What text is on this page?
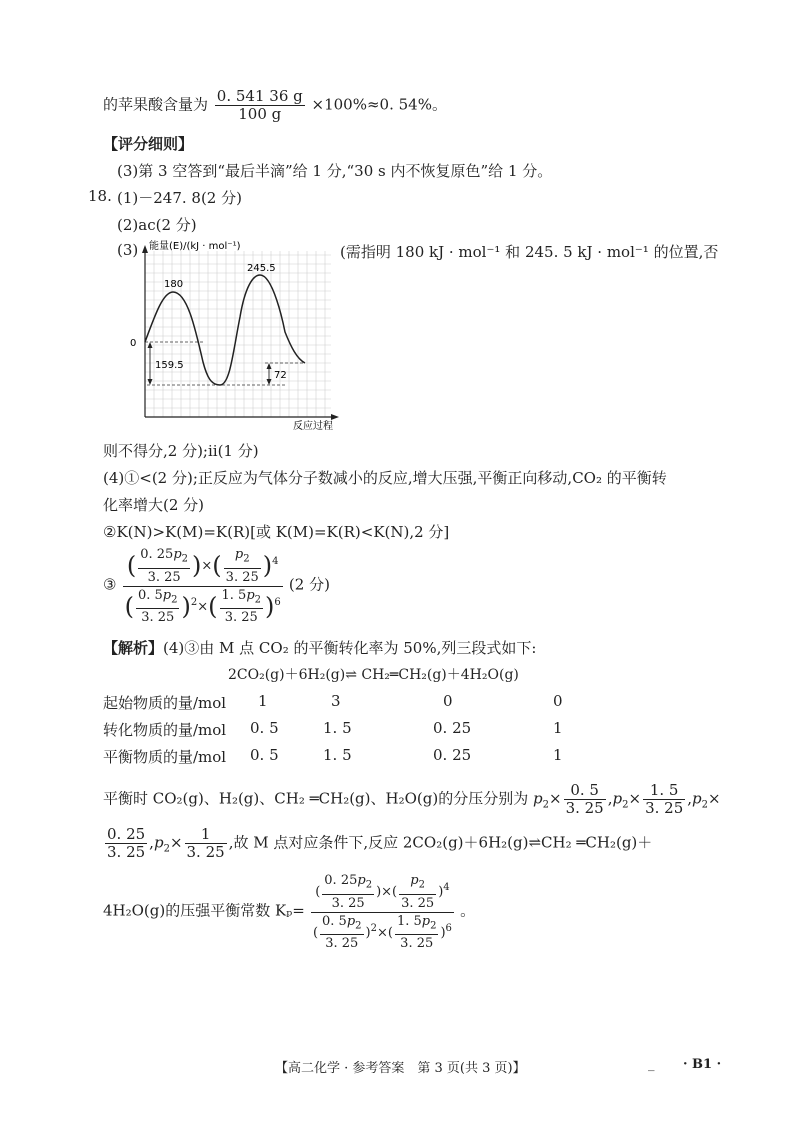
的苹果酸含量为 $\frac{0. 541 36 g}{100 g} \times 100\%\approx 0$. 54%。
【评分细则】
(3)第 3 空答到“最后半滴”给 1 分,“30 s 内不恢复原色”给 1 分。
18. (1)－247. 8(2 分)
(2)ac(2 分)
(3)	(需指明 180 kJ · mol⁻¹ 和 245. 5 kJ · mol⁻¹ 的位置,否
能量(E)/(kJ · mol⁻¹)
反应过程
0
159.5
72
180
245.5
则不得分,2 分);ⅱ(1 分)
(4)①<(2 分);正反应为气体分子数减小的反应,增大压强,平衡正向移动,CO₂ 的平衡转
化率增大(2 分)
②K(N)>K(M)=K(R)[或 K(M)=K(R)<K(N),2 分]
③ $\frac{( \frac{0. 25p_2}{3. 25} )\times( \frac{p_2}{3. 25} )^4}{( \frac{0. 5p_2}{3. 25} )^2\times( \frac{1. 5p_2}{3. 25} )^6} (2$ 分)
【解析】(4)③由 M 点 CO₂ 的平衡转化率为 50%,列三段式如下:
2CO₂(g)＋6H₂(g)⇌ CH₂═CH₂(g)＋4H₂O(g)
起始物质的量/mol 1	3	0	0
转化物质的量/mol 0. 5	1. 5	0. 25	1
平衡物质的量/mol 0. 5	1. 5	0. 25	1
平衡时 CO₂(g)、H₂(g)、CH₂ ═CH₂(g)、H₂O(g)的分压分别为 $p_2\times \frac{0. 5}{3. 25} ,p_2\times \frac{1. 5}{3. 25} ,p_2\times$
$\frac{0. 25}{3. 25} ,p_2\times \frac{1}{3. 25}$ ,故 M 点对应条件下,反应 2CO₂(g)＋6H₂(g)⇌CH₂ ═CH₂(g)＋
4H₂O(g)的压强平衡常数 $K_p= \frac{( \frac{0. 25p_2}{3. 25} )\times( \frac{p_2}{3. 25} )^4}{( \frac{0. 5p_2}{3. 25} )^2\times( \frac{1. 5p_2}{3. 25} )^6}$ 。
【高二化学 · 参考答案　第 3 页(共 3 页)】	_ · B1 ·
